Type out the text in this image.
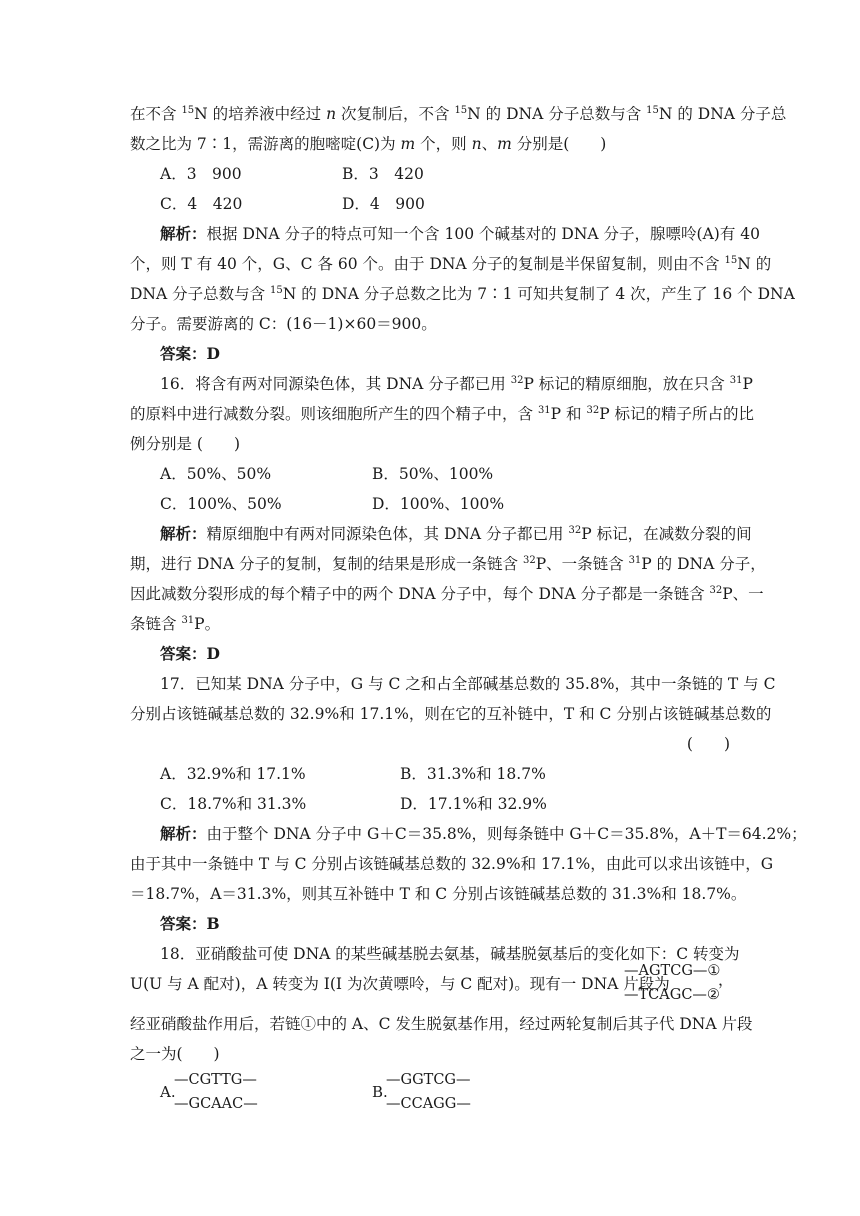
在不含 $^{15}$N 的培养液中经过 n 次复制后，不含 $^{15}$N 的 DNA 分子总数与含 $^{15}$N 的 DNA 分子总
数之比为 7∶1，需游离的胞嘧啶(C)为 m 个，则 n、m 分别是(　　)
A．3　900	B．3　420
C．4　420	D．4　900
解析：根据 DNA 分子的特点可知一个含 100 个碱基对的 DNA 分子，腺嘌呤(A)有 40
个，则 T 有 40 个，G、C 各 60 个。由于 DNA 分子的复制是半保留复制，则由不含 $^{15}$N 的
DNA 分子总数与含 $^{15}$N 的 DNA 分子总数之比为 7∶1 可知共复制了 4 次，产生了 16 个 DNA
分子。需要游离的 C：(16－1)×60＝900。
答案：D
16．将含有两对同源染色体，其 DNA 分子都已用 $^{32}$P 标记的精原细胞，放在只含 $^{31}$P
的原料中进行减数分裂。则该细胞所产生的四个精子中，含 $^{31}$P 和 $^{32}$P 标记的精子所占的比
例分别是 (　　)
A．50%、50%	B．50%、100%
C．100%、50%	D．100%、100%
解析：精原细胞中有两对同源染色体，其 DNA 分子都已用 $^{32}$P 标记，在减数分裂的间
期，进行 DNA 分子的复制，复制的结果是形成一条链含 $^{32}$P、一条链含 $^{31}$P 的 DNA 分子，
因此减数分裂形成的每个精子中的两个 DNA 分子中，每个 DNA 分子都是一条链含 $^{32}$P、一
条链含 $^{31}$P。
答案：D
17．已知某 DNA 分子中，G 与 C 之和占全部碱基总数的 35.8%，其中一条链的 T 与 C
分别占该链碱基总数的 32.9%和 17.1%，则在它的互补链中，T 和 C 分别占该链碱基总数的
(　　)
A．32.9%和 17.1%	B．31.3%和 18.7%
C．18.7%和 31.3%	D．17.1%和 32.9%
解析：由于整个 DNA 分子中 G＋C＝35.8%，则每条链中 G＋C＝35.8%，A＋T＝64.2%；
由于其中一条链中 T 与 C 分别占该链碱基总数的 32.9%和 17.1%，由此可以求出该链中，G
＝18.7%，A＝31.3%，则其互补链中 T 和 C 分别占该链碱基总数的 31.3%和 18.7%。
答案：B
18．亚硝酸盐可使 DNA 的某些碱基脱去氨基，碱基脱氨基后的变化如下：C 转变为
U(U 与 A 配对)，A 转变为 I(I 为次黄嘌呤，与 C 配对)。现有一 DNA 片段为
—AGTCG—①
—TCAGC—②
，
经亚硝酸盐作用后，若链①中的 A、C 发生脱氨基作用，经过两轮复制后其子代 DNA 片段
之一为(　　)
A.
—CGTTG—
—GCAAC—
B.
—GGTCG—
—CCAGG—
